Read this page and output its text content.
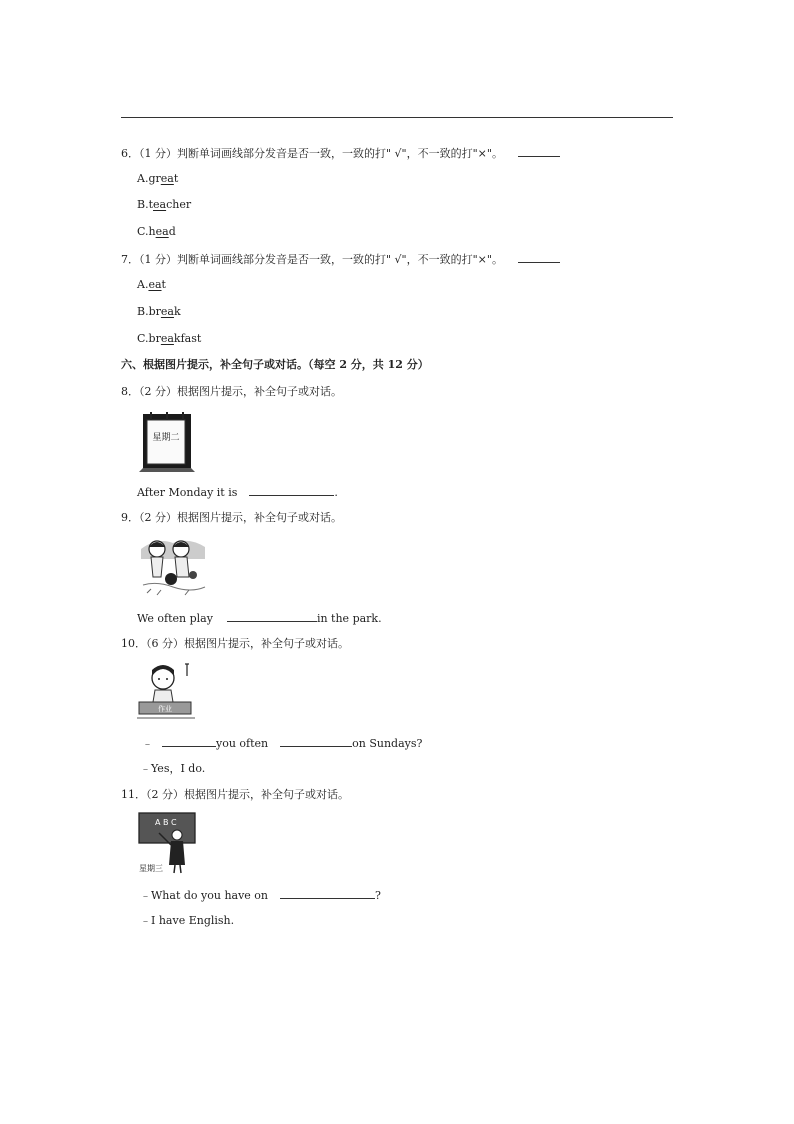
6．（1 分）判断单词画线部分发音是否一致，一致的打" √"，不一致的打"×"。
A.great
B.teacher
C.head
7．（1 分）判断单词画线部分发音是否一致，一致的打" √"，不一致的打"×"。
A.eat
B.break
C.breakfast
六、根据图片提示，补全句子或对话。（每空 2 分，共 12 分）
8．（2 分）根据图片提示，补全句子或对话。
星期二
After Monday it is	.
9．（2 分）根据图片提示，补全句子或对话。
We often play	in the park.
10．（6 分）根据图片提示，补全句子或对话。
作业
﹣	you often	on Sundays?
﹣Yes，I do.
11．（2 分）根据图片提示，补全句子或对话。
A B C
星期三
﹣What do you have on	?
﹣I have English.
